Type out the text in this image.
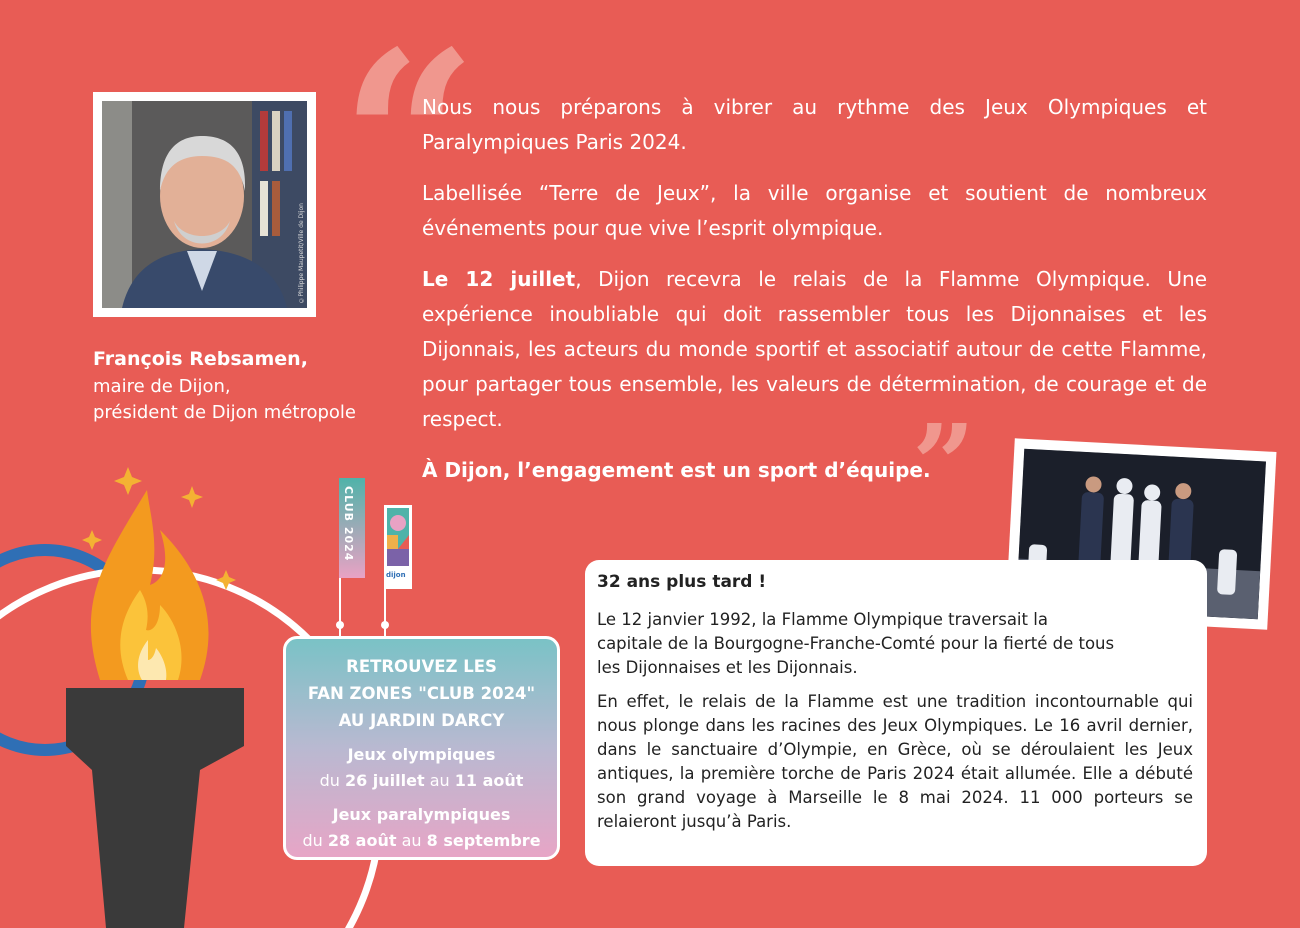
“
”
©Philippe Maupetit/Ville de Dijon
François Rebsamen,
maire de Dijon,
président de Dijon métropole

Nous nous préparons à vibrer au rythme des Jeux Olympiques et Paralympiques Paris 2024.

Labellisée “Terre de Jeux”, la ville organise et soutient de nombreux événements pour que vive l’esprit olympique.

Le 12 juillet, Dijon recevra le relais de la Flamme Olympique. Une expérience inoubliable qui doit rassembler tous les Dijonnaises et les Dijonnais, les acteurs du monde sportif et associatif autour de cette Flamme, pour partager tous ensemble, les valeurs de détermination, de courage et de respect.

À Dijon, l’engagement est un sport d’équipe.

32 ans plus tard !

Le 12 janvier 1992, la Flamme Olympique traversait la capitale de la Bourgogne-Franche-Comté pour la fierté de tous les Dijonnaises et les Dijonnais.

En effet, le relais de la Flamme est une tradition incontournable qui nous plonge dans les racines des Jeux Olympiques. Le 16 avril dernier, dans le sanctuaire d’Olympie, en Grèce, où se déroulaient les Jeux antiques, la première torche de Paris 2024 était allumée. Elle a débuté son grand voyage à Marseille le 8 mai 2024. 11 000 porteurs se relaieront jusqu’à Paris.

CLUB 2024
dijon
RETROUVEZ LES
FAN ZONES "CLUB 2024"
AU JARDIN DARCY
Jeux olympiques
du 26 juillet au 11 août
Jeux paralympiques
du 28 août au 8 septembre
